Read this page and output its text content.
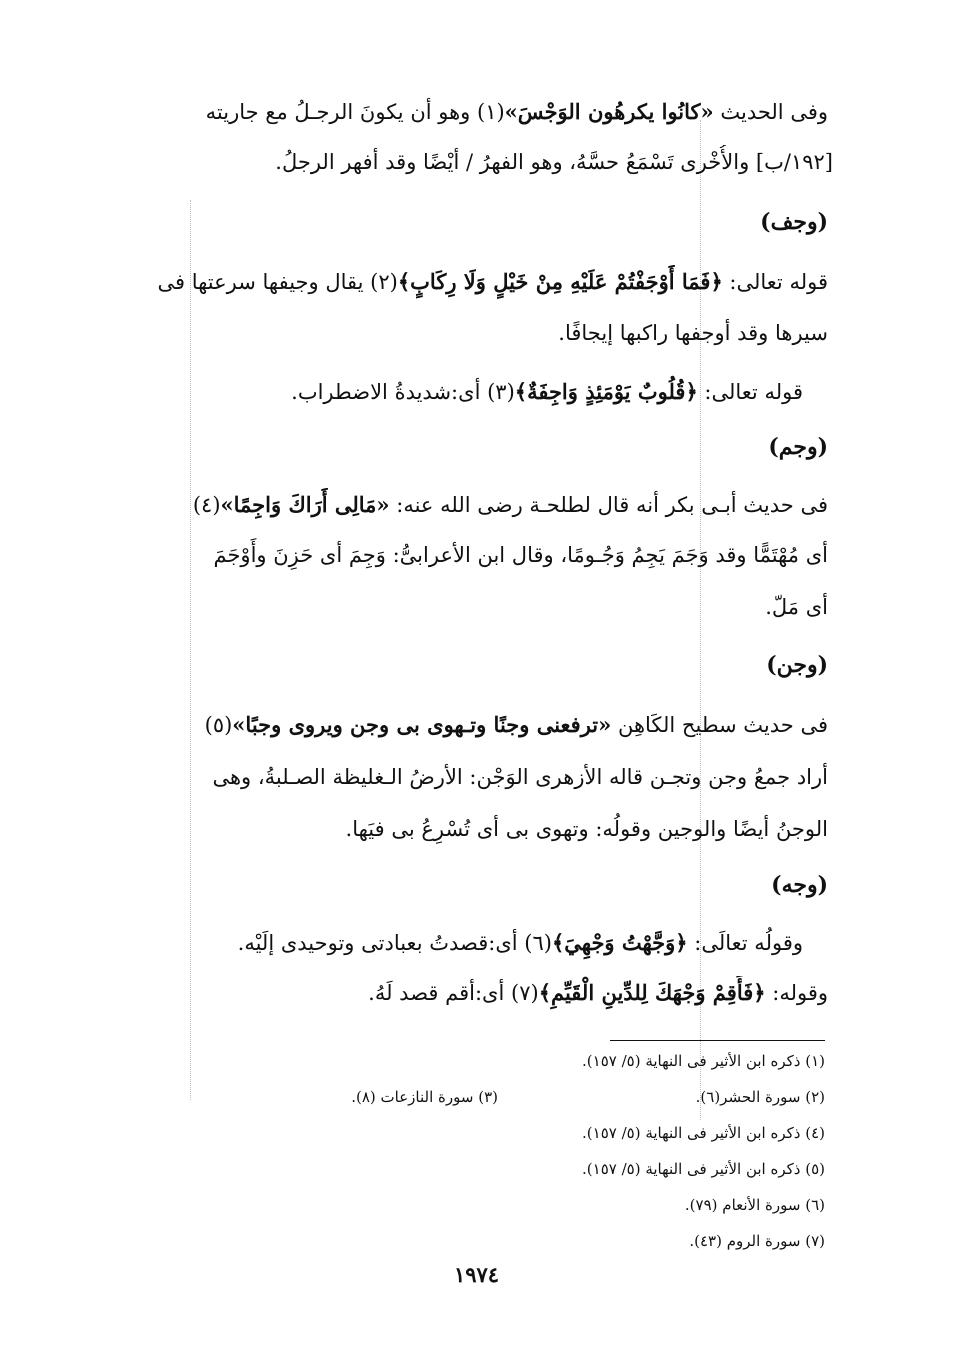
وفى الحديث «كانُوا يكرهُون الوَجْسَ»(١) وهو أن يكونَ الرجـلُ مع جاريته
[١٩٢/ب] والأُخْرى تَسْمَعُ حسَّهُ، وهو الفهرُ / أيْضًا وقد أفهر الرجلُ.
(وجف)
قوله تعالى: ﴿فَمَا أَوْجَفْتُمْ عَلَيْهِ مِنْ خَيْلٍ وَلَا رِكَابٍ﴾(٢) يقال وجيفها سرعتها فى
سيرها وقد أوجفها راكبها إيجافًا.
قوله تعالى: ﴿قُلُوبٌ يَوْمَئِذٍ وَاجِفَةٌ﴾(٣) أى:شديدةُ الاضطراب.
(وجم)
فى حديث أبـى بكر أنه قال لطلحـة رضى الله عنه: «مَالِى أَرَاكَ وَاجِمًا»(٤)
أى مُهْتَمًّا وقد وَجَمَ يَجِمُ وَجُـومًا، وقال ابن الأعرابىُّ: وَجِمَ أى حَزِنَ وأَوْجَمَ
أى مَلّ.
(وجن)
فى حديث سطيح الكَاهِن «ترفعنى وجنًا وتـهوى بى وجن ويروى وجبًا»(٥)
أراد جمعُ وجن وتجـن قاله الأزهرى الوَجْن: الأرضُ الـغليظة الصـلبةُ، وهى
الوجنُ أيضًا والوجين وقولُه: وتهوى بى أى تُسْرِعُ بى فيَها.
(وجه)
وقولُه تعالَى: ﴿وَجَّهْتُ وَجْهِيَ﴾(٦) أى:قصدتُ بعبادتى وتوحيدى إلَيْه.
وقوله: ﴿فَأَقِمْ وَجْهَكَ لِلدِّينِ الْقَيِّمِ﴾(٧) أى:أقم قصد لَهُ.
(١) ذكره ابن الأثير فى النهاية (٥/ ١٥٧).
(٢) سورة الحشر(٦).
(٣) سورة النازعات (٨).
(٤) ذكره ابن الأثير فى النهاية (٥/ ١٥٧).
(٥) ذكره ابن الأثير فى النهاية (٥/ ١٥٧).
(٦) سورة الأنعام (٧٩).
(٧) سورة الروم (٤٣).
١٩٧٤
